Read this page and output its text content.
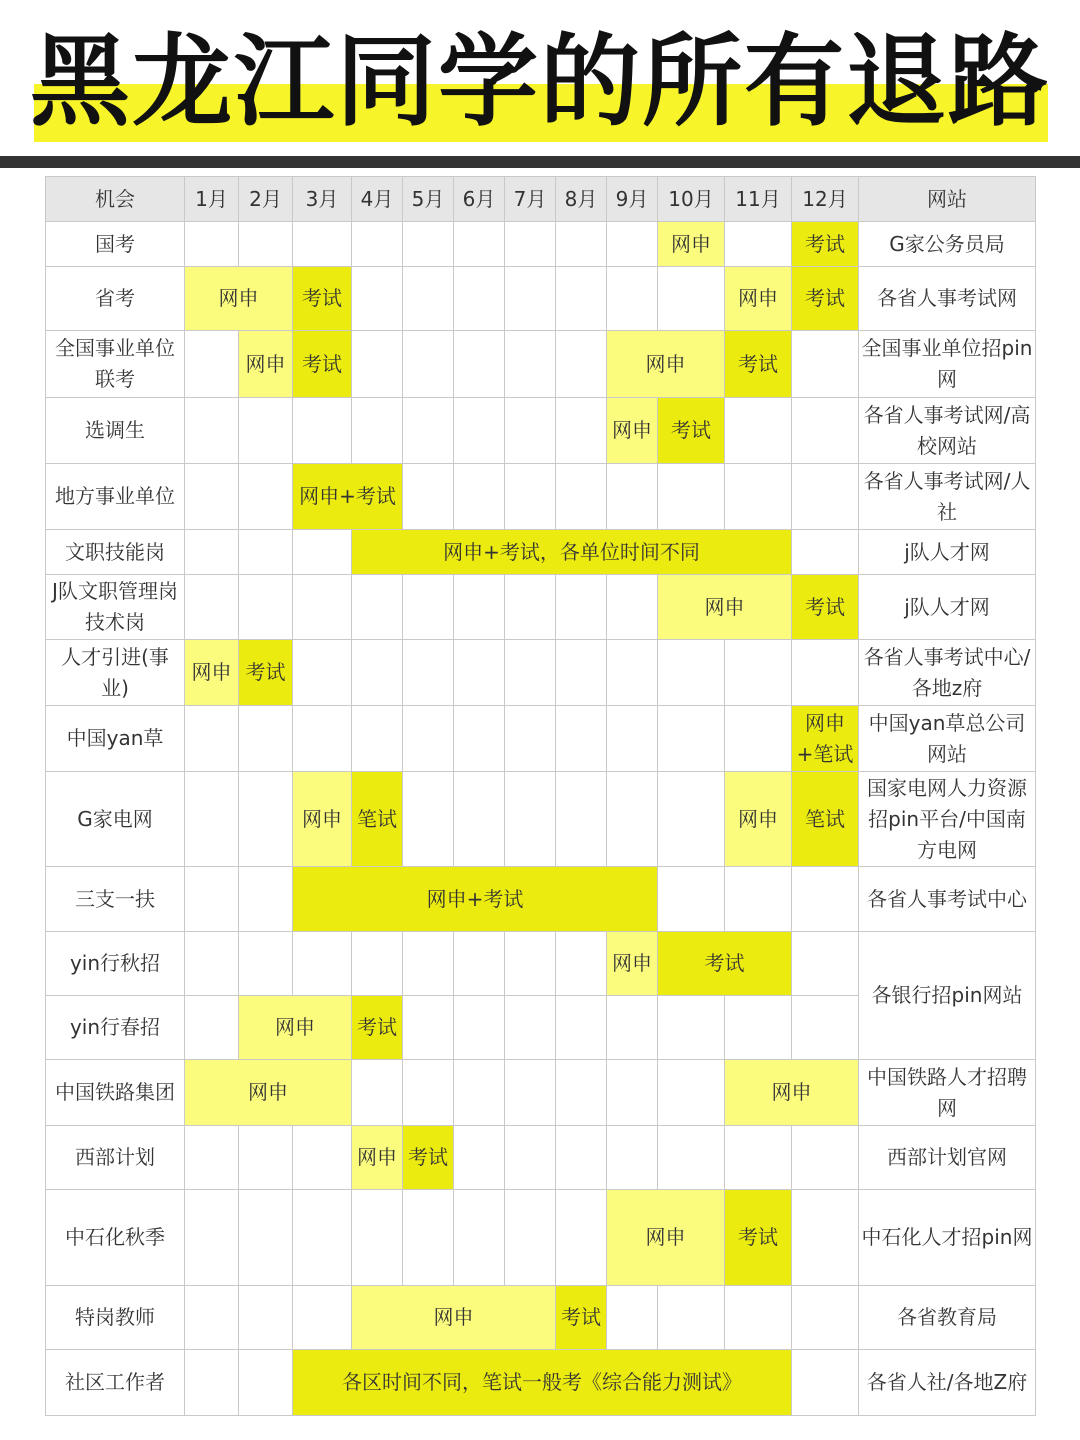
黑龙江同学的所有退路
机会	1月	2月	3月	4月	5月	6月	7月	8月	9月	10月	11月	12月	网站
国考										网申		考试	G家公务员局
省考	网申		考试								网申	考试	各省人事考试网
全国事业单位联考		网申	考试						网申		考试		全国事业单位招pin网
选调生									网申	考试			各省人事考试网/高校网站
地方事业单位			网申+考试										各省人事考试网/人社
文职技能岗				网申+考试，各单位时间不同									j队人才网
J队文职管理岗技术岗										网申		考试	j队人才网
人才引进(事业)	网申	考试											各省人事考试中心/各地z府
中国yan草												网申+笔试	中国yan草总公司网站
G家电网			网申	笔试							网申	笔试	国家电网人力资源招pin平台/中国南方电网
三支一扶			网申+考试										各省人事考试中心
yin行秋招									网申	考试			各银行招pin网站
yin行春招		网申		考试									
中国铁路集团	网申										网申		中国铁路人才招聘网
西部计划				网申	考试								西部计划官网
中石化秋季									网申		考试		中石化人才招pin网
特岗教师				网申				考试					各省教育局
社区工作者			各区时间不同，笔试一般考《综合能力测试》										各省人社/各地Z府
